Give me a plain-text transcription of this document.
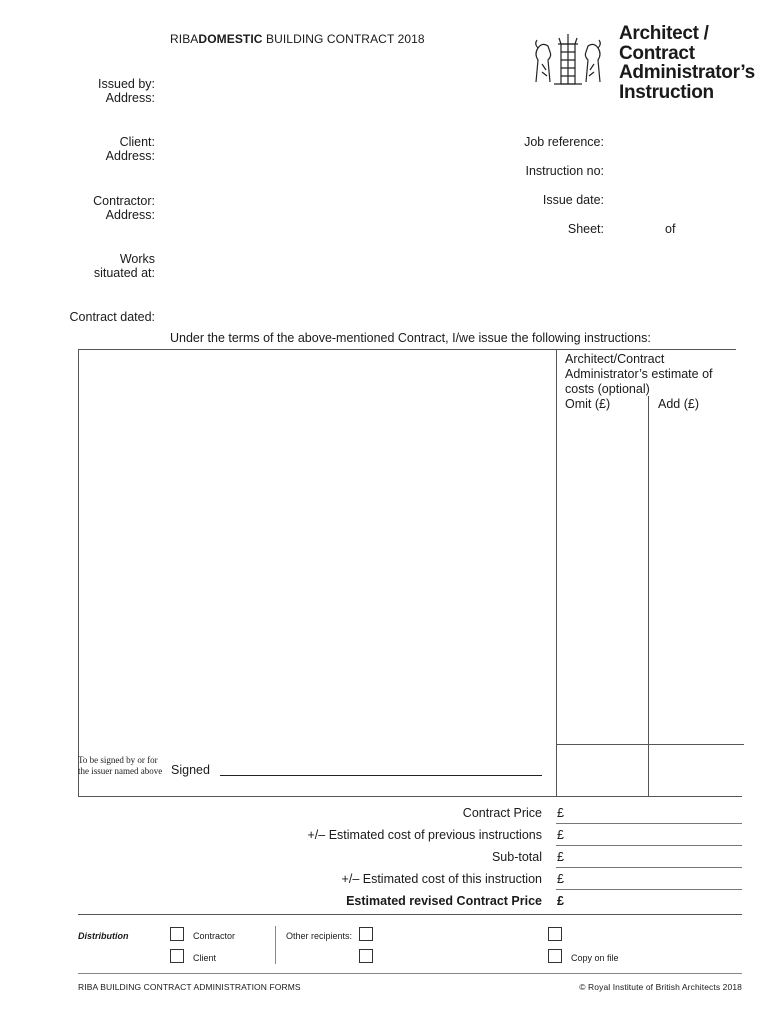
RIBADOMESTIC BUILDING CONTRACT 2018	Architect /
Contract
Administrator’s
Instruction
Issued by:
Address:
Client:
Address:
Contractor:
Address:
Works
situated at:
Contract dated:
Job reference:
Instruction no:
Issue date:
Sheet:	of
Under the terms of the above-mentioned Contract, I/we issue the following instructions:
Architect/Contract
Administrator’s estimate of
costs (optional)
Omit (£)	Add (£)
To be signed by or for the issuer named above Signed
Contract Price £
+/– Estimated cost of previous instructions £
Sub-total £
+/– Estimated cost of this instruction £
Estimated revised Contract Price £
Distribution	Contractor
Client
Other recipients:
Copy on file
RIBA BUILDING CONTRACT ADMINISTRATION FORMS	© Royal Institute of British Architects 2018
